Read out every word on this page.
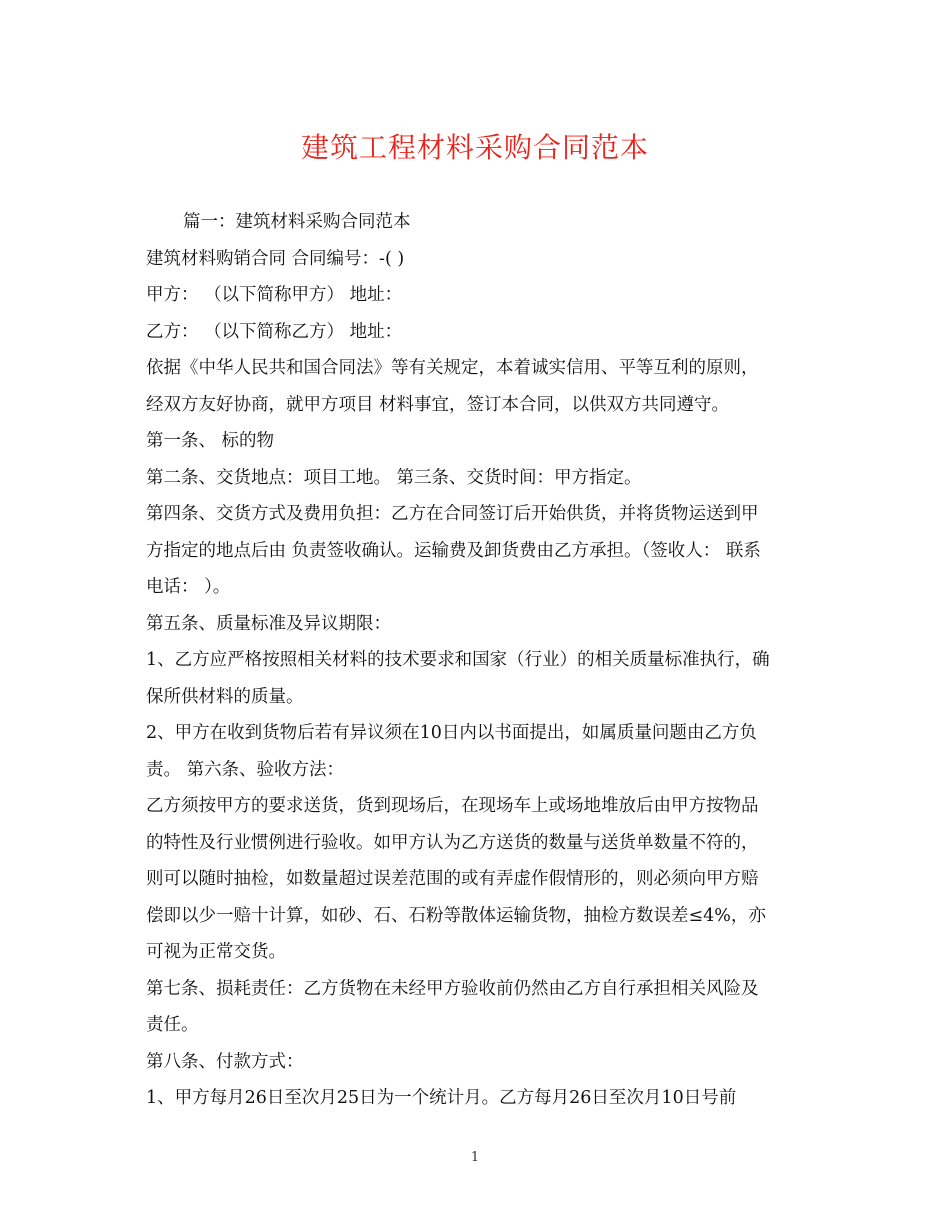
建筑工程材料采购合同范本
篇一：建筑材料采购合同范本
建筑材料购销合同 合同编号：-( )
甲方： （以下简称甲方） 地址：
乙方： （以下简称乙方） 地址：
依据《中华人民共和国合同法》等有关规定，本着诚实信用、平等互利的原则，
经双方友好协商，就甲方项目 材料事宜，签订本合同，以供双方共同遵守。
第一条、 标的物
第二条、交货地点：项目工地。 第三条、交货时间：甲方指定。
第四条、交货方式及费用负担：乙方在合同签订后开始供货，并将货物运送到甲
方指定的地点后由 负责签收确认。运输费及卸货费由乙方承担。（签收人： 联系
电话： ）。
第五条、质量标准及异议期限：
1、乙方应严格按照相关材料的技术要求和国家（行业）的相关质量标准执行，确
保所供材料的质量。
2、甲方在收到货物后若有异议须在10日内以书面提出，如属质量问题由乙方负
责。 第六条、验收方法：
乙方须按甲方的要求送货，货到现场后，在现场车上或场地堆放后由甲方按物品
的特性及行业惯例进行验收。如甲方认为乙方送货的数量与送货单数量不符的，
则可以随时抽检，如数量超过误差范围的或有弄虚作假情形的，则必须向甲方赔
偿即以少一赔十计算，如砂、石、石粉等散体运输货物，抽检方数误差≤4%，亦
可视为正常交货。
第七条、损耗责任：乙方货物在未经甲方验收前仍然由乙方自行承担相关风险及
责任。
第八条、付款方式：
1、甲方每月26日至次月25日为一个统计月。乙方每月26日至次月10日号前
1
